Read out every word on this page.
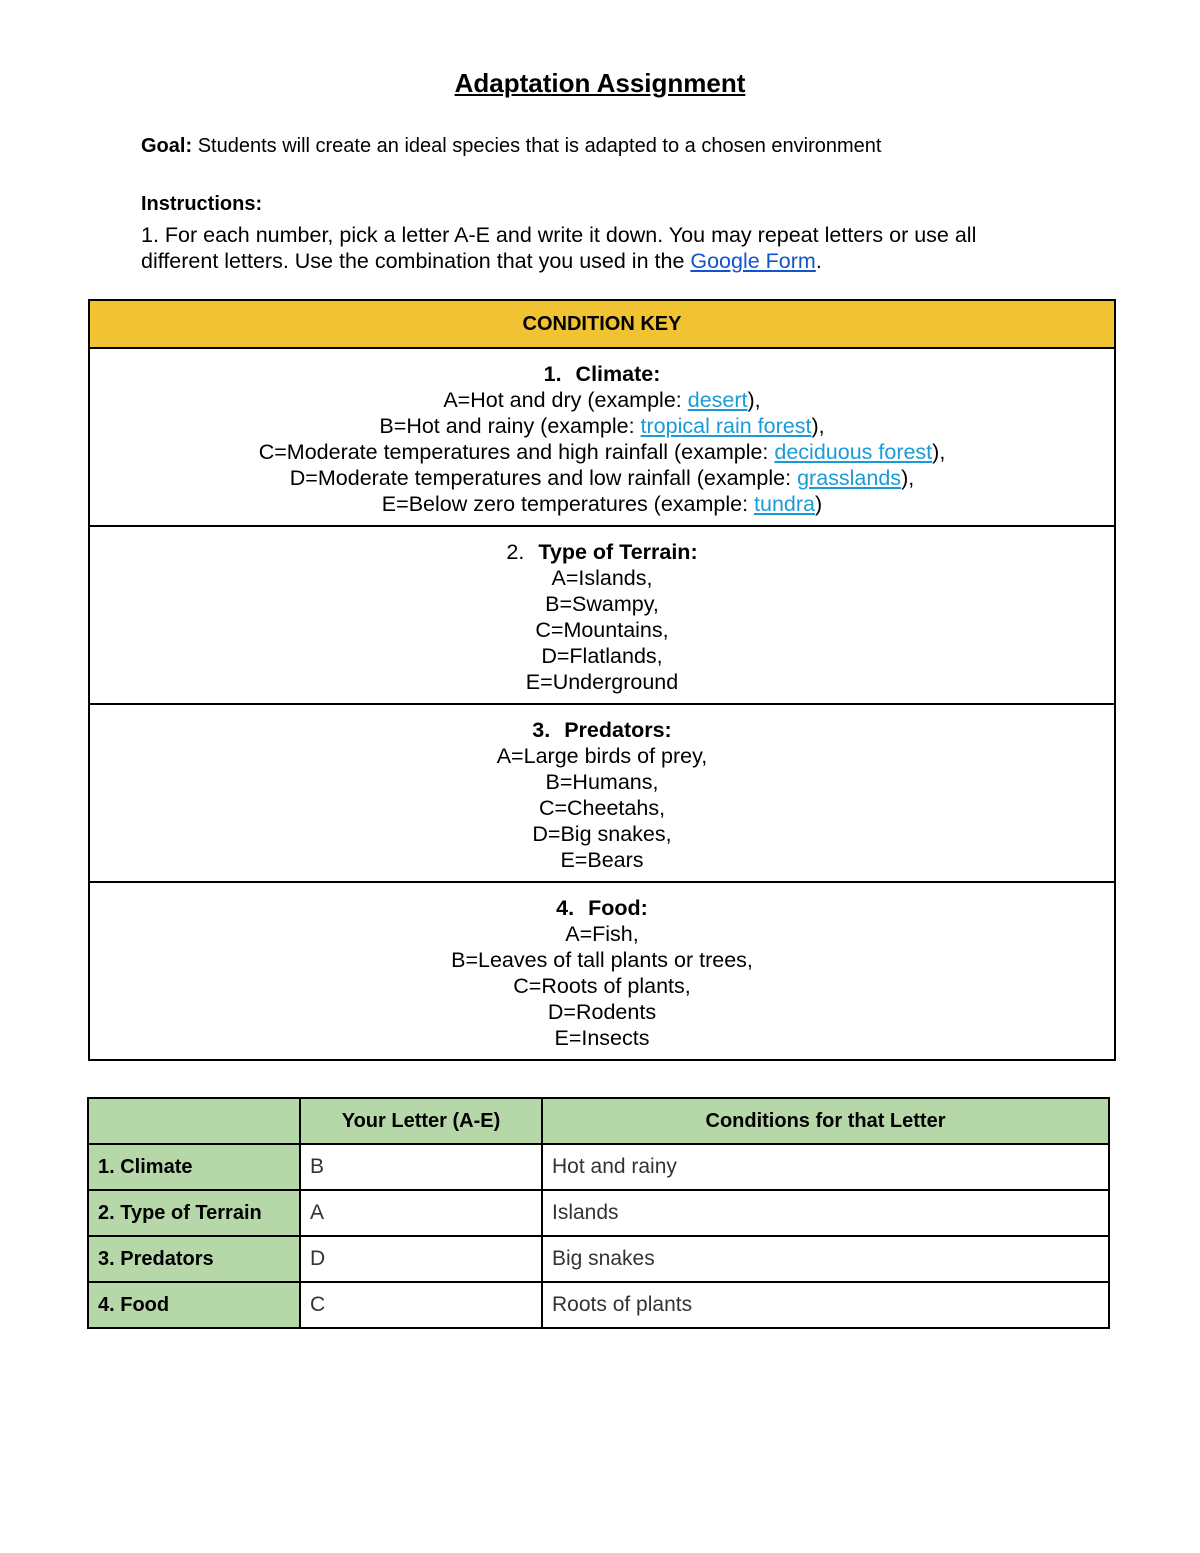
Adaptation Assignment
Goal: Students will create an ideal species that is adapted to a chosen environment
Instructions:
1. For each number, pick a letter A-E and write it down. You may repeat letters or use all different letters. Use the combination that you used in the Google Form.
CONDITION KEY

1. Climate:
A=Hot and dry (example: desert),
B=Hot and rainy (example: tropical rain forest),
C=Moderate temperatures and high rainfall (example: deciduous forest),
D=Moderate temperatures and low rainfall (example: grasslands),
E=Below zero temperatures (example: tundra)

2. Type of Terrain:
A=Islands,
B=Swampy,
C=Mountains,
D=Flatlands,
E=Underground

3. Predators:
A=Large birds of prey,
B=Humans,
C=Cheetahs,
D=Big snakes,
E=Bears

4. Food:
A=Fish,
B=Leaves of tall plants or trees,
C=Roots of plants,
D=Rodents
E=Insects
	Your Letter (A-E)	Conditions for that Letter
1. Climate	B	Hot and rainy
2. Type of Terrain	A	Islands
3. Predators	D	Big snakes
4. Food	C	Roots of plants
